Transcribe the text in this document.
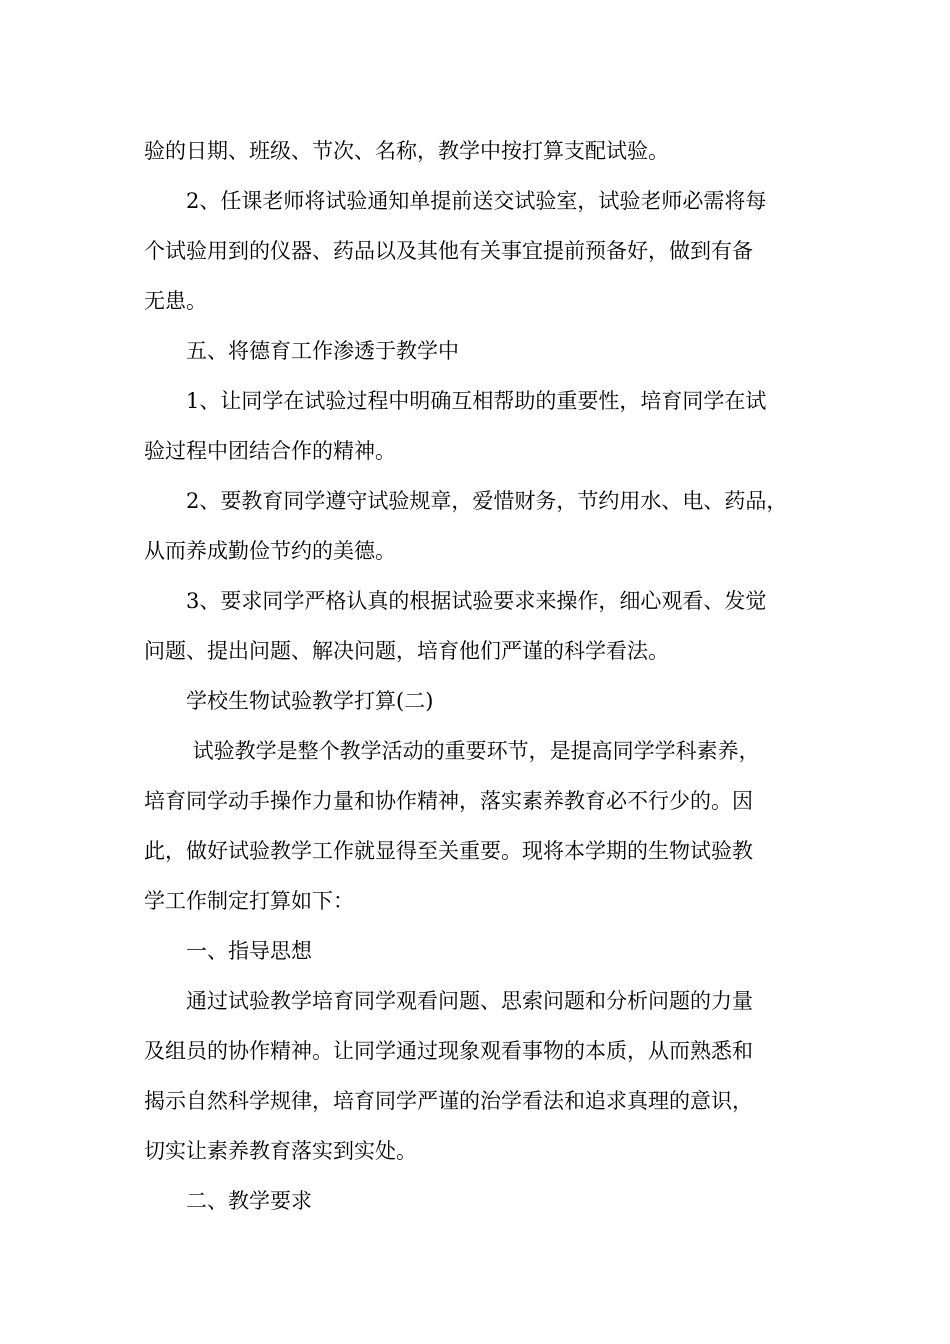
验的日期、班级、节次、名称，教学中按打算支配试验。
　　2、任课老师将试验通知单提前送交试验室，试验老师必需将每
个试验用到的仪器、药品以及其他有关事宜提前预备好，做到有备
无患。
　　五、将德育工作渗透于教学中
　　1、让同学在试验过程中明确互相帮助的重要性，培育同学在试
验过程中团结合作的精神。
　　2、要教育同学遵守试验规章，爱惜财务，节约用水、电、药品，
从而养成勤俭节约的美德。
　　3、要求同学严格认真的根据试验要求来操作，细心观看、发觉
问题、提出问题、解决问题，培育他们严谨的科学看法。
　　学校生物试验教学打算(二)
　　 试验教学是整个教学活动的重要环节，是提高同学学科素养，
培育同学动手操作力量和协作精神，落实素养教育必不行少的。因
此，做好试验教学工作就显得至关重要。现将本学期的生物试验教
学工作制定打算如下：
　　一、指导思想
　　通过试验教学培育同学观看问题、思索问题和分析问题的力量
及组员的协作精神。让同学通过现象观看事物的本质，从而熟悉和
揭示自然科学规律，培育同学严谨的治学看法和追求真理的意识，
切实让素养教育落实到实处。
　　二、教学要求
